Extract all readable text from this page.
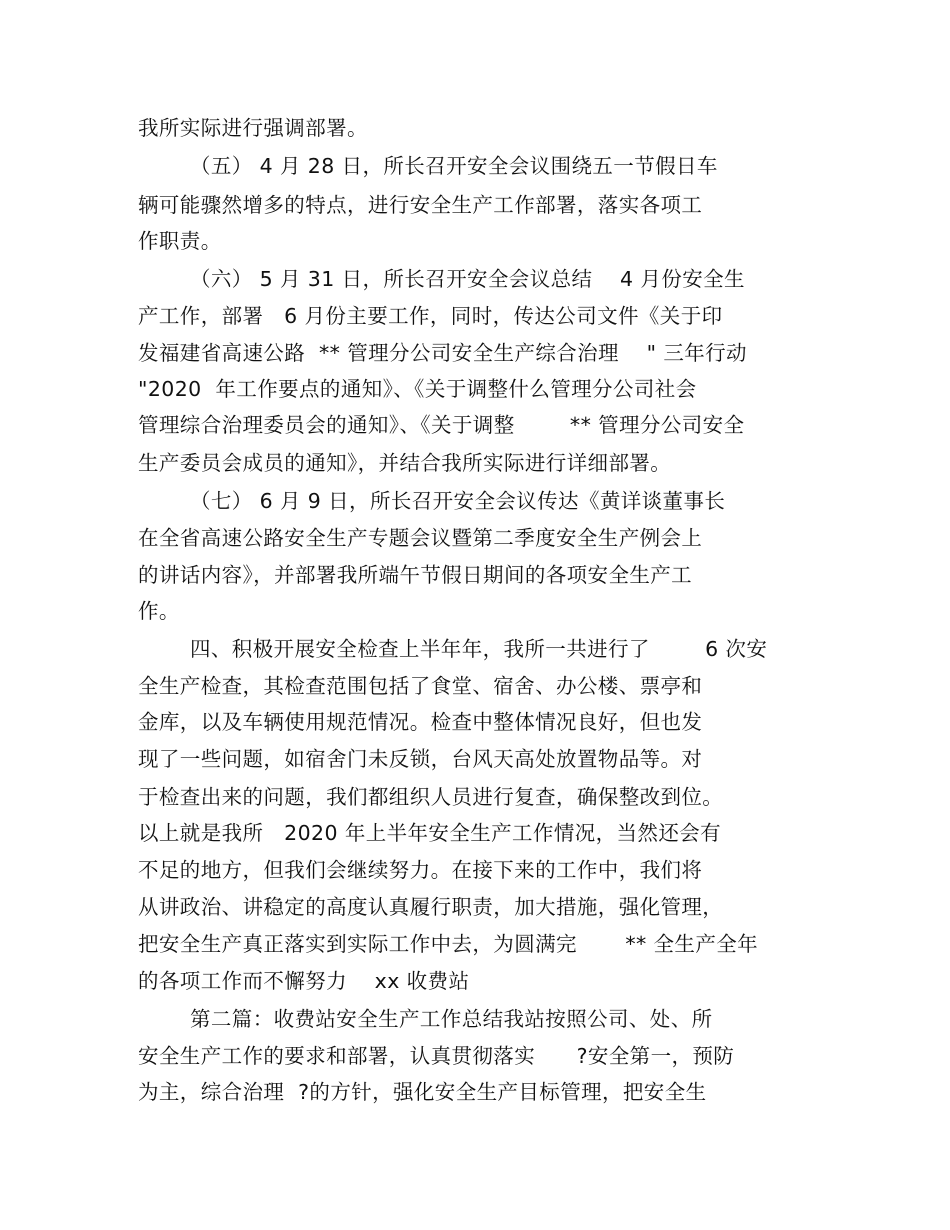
我所实际进行强调部署。
（五） 4 月 28 日，所长召开安全会议围绕五一节假日车
辆可能骤然增多的特点，进行安全生产工作部署，落实各项工
作职责。
（六） 5 月 31 日，所长召开安全会议总结    4 月份安全生
产工作，部署   6 月份主要工作，同时，传达公司文件《关于印
发福建省高速公路  ** 管理分公司安全生产综合治理    " 三年行动
"2020  年工作要点的通知》、《关于调整什么管理分公司社会
管理综合治理委员会的通知》、《关于调整        ** 管理分公司安全
生产委员会成员的通知》，并结合我所实际进行详细部署。
（七） 6 月 9 日，所长召开安全会议传达《黄详谈董事长
在全省高速公路安全生产专题会议暨第二季度安全生产例会上
的讲话内容》，并部署我所端午节假日期间的各项安全生产工
作。
四、积极开展安全检查上半年年，我所一共进行了        6 次安
全生产检查，其检查范围包括了食堂、宿舍、办公楼、票亭和
金库，以及车辆使用规范情况。检查中整体情况良好，但也发
现了一些问题，如宿舍门未反锁，台风天高处放置物品等。对
于检查出来的问题，我们都组织人员进行复查，确保整改到位。
以上就是我所   2020 年上半年安全生产工作情况，当然还会有
不足的地方，但我们会继续努力。在接下来的工作中，我们将
从讲政治、讲稳定的高度认真履行职责，加大措施，强化管理，
把安全生产真正落实到实际工作中去，为圆满完       ** 全生产全年
的各项工作而不懈努力    xx 收费站
第二篇：收费站安全生产工作总结我站按照公司、处、所
安全生产工作的要求和部署，认真贯彻落实      ?安全第一，预防
为主，综合治理  ?的方针，强化安全生产目标管理，把安全生
